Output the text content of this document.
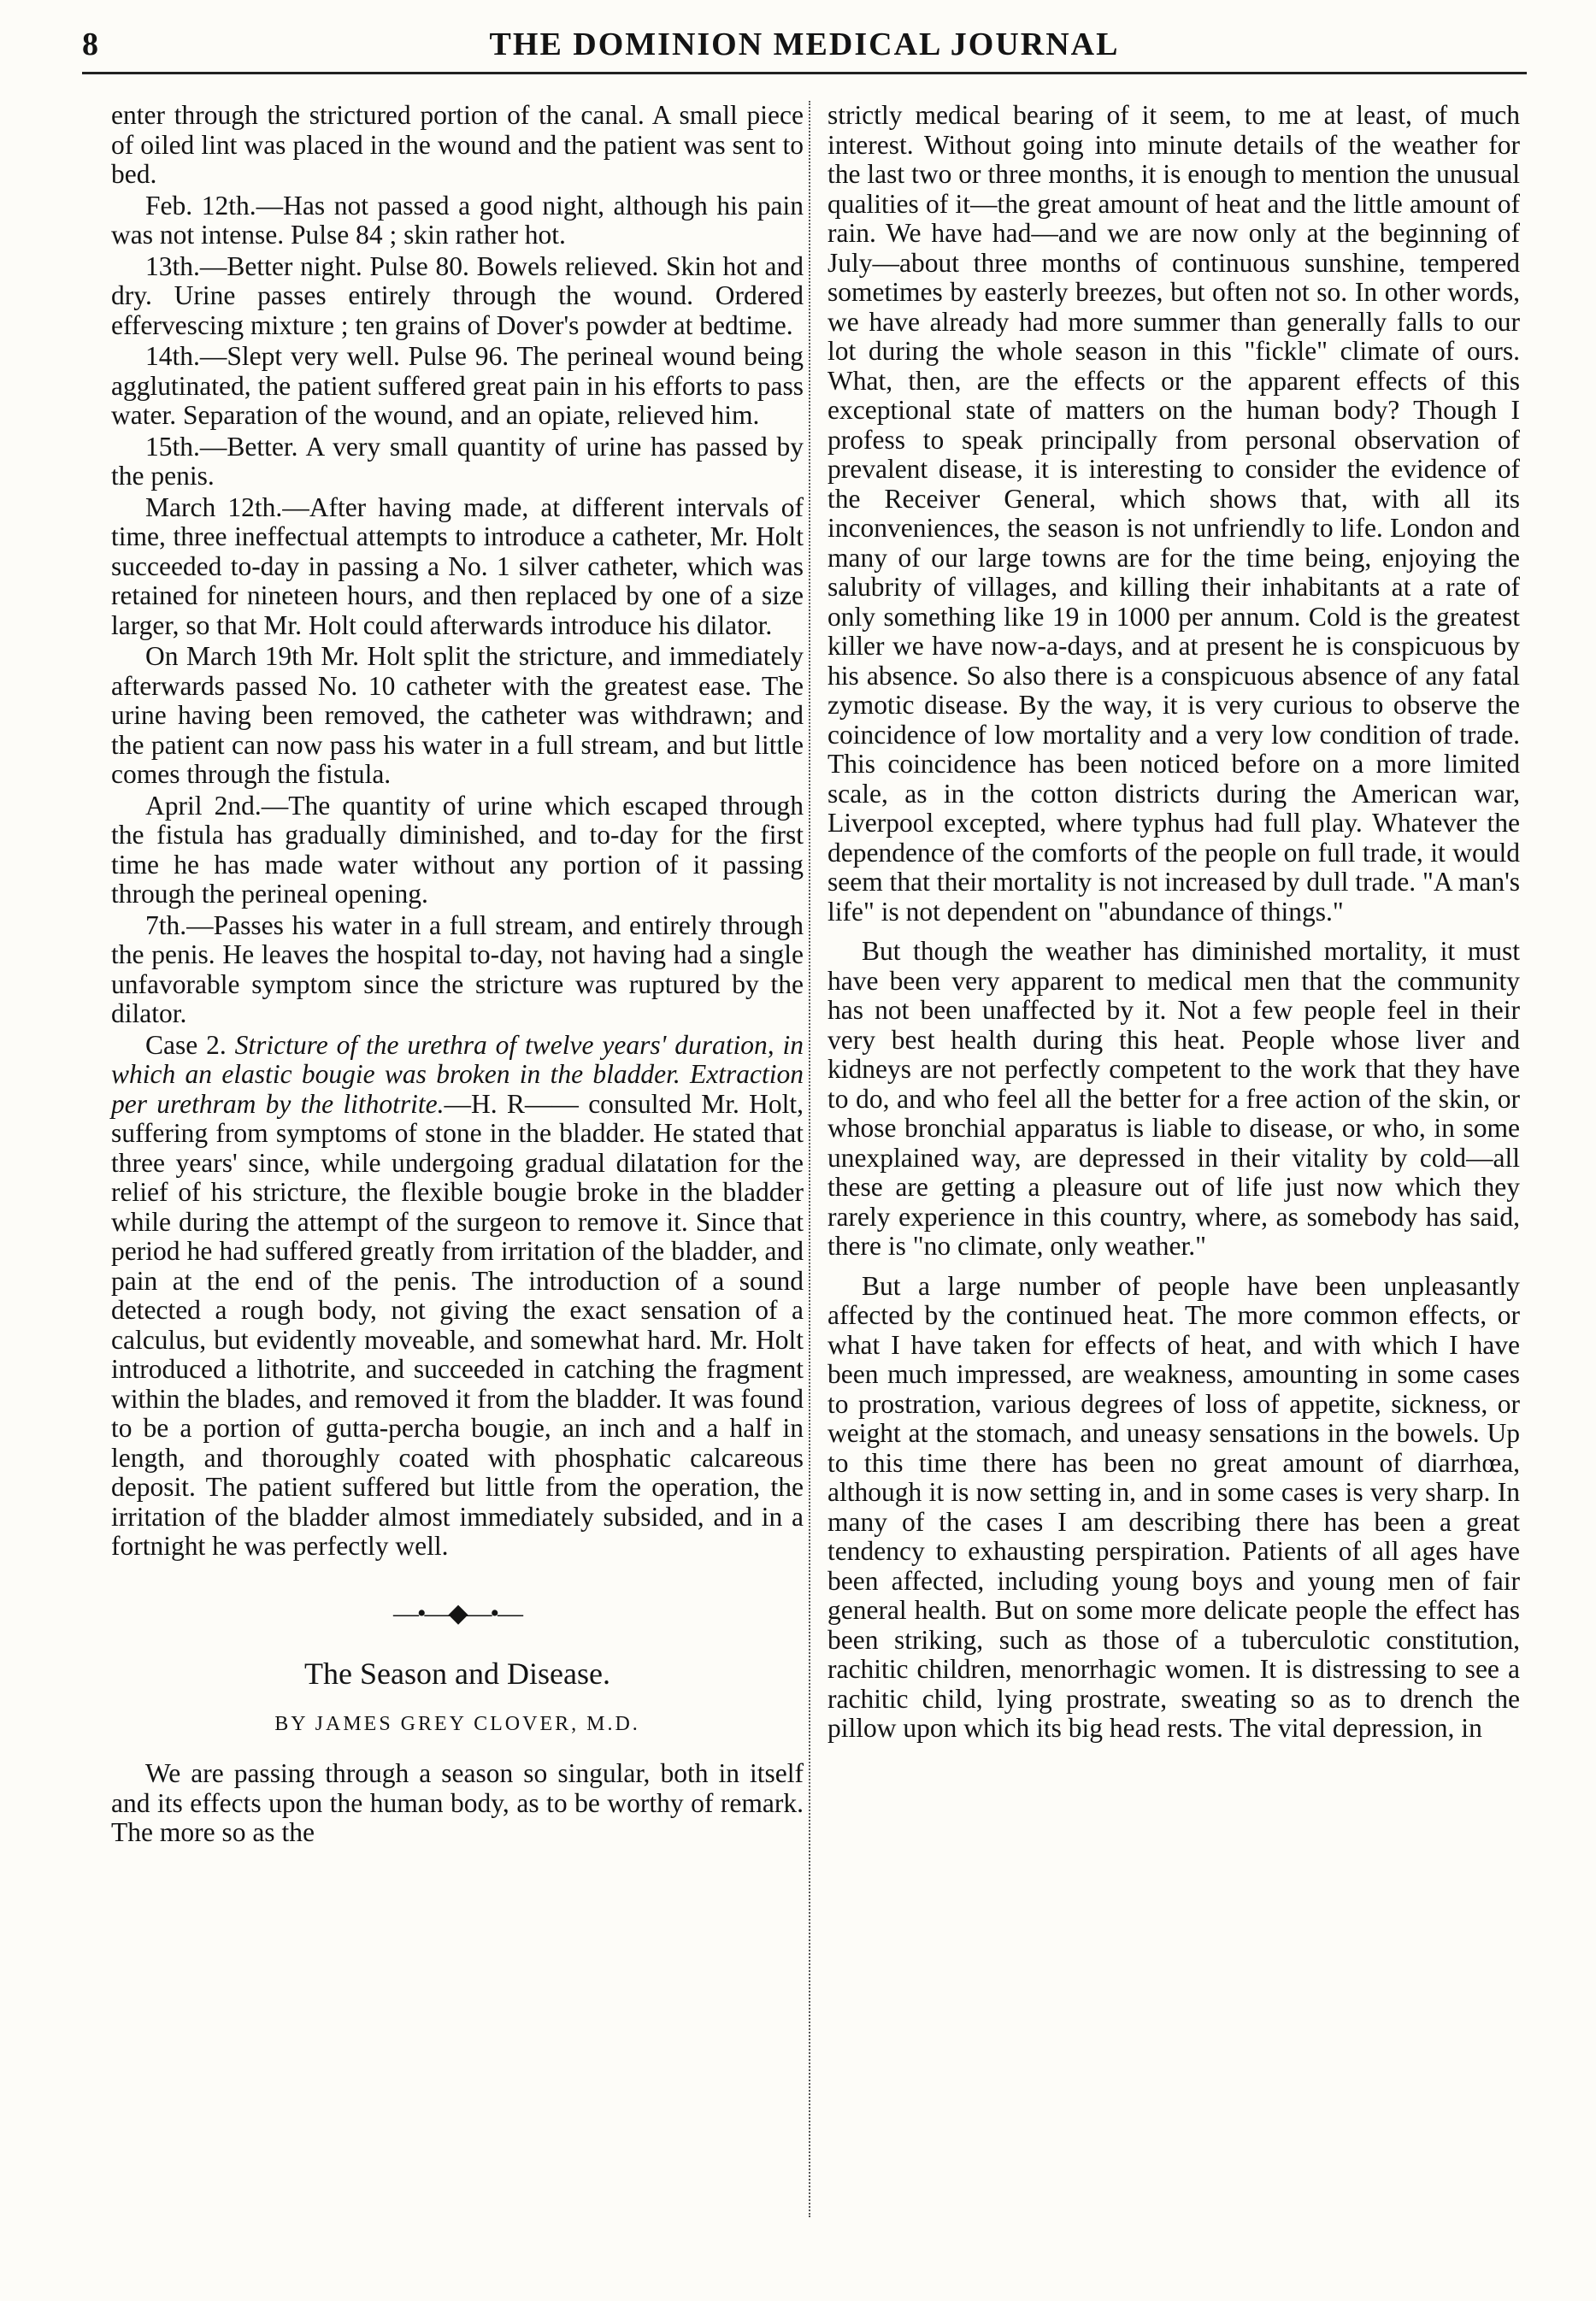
8	THE DOMINION MEDICAL JOURNAL

enter through the strictured portion of the canal. A small piece of oiled lint was placed in the wound and the patient was sent to bed.

Feb. 12th.—Has not passed a good night, although his pain was not intense. Pulse 84 ; skin rather hot.

13th.—Better night. Pulse 80. Bowels relieved. Skin hot and dry. Urine passes entirely through the wound. Ordered effervescing mixture ; ten grains of Dover's powder at bedtime.

14th.—Slept very well. Pulse 96. The perineal wound being agglutinated, the patient suffered great pain in his efforts to pass water. Separation of the wound, and an opiate, relieved him.

15th.—Better. A very small quantity of urine has passed by the penis.

March 12th.—After having made, at different intervals of time, three ineffectual attempts to introduce a catheter, Mr. Holt succeeded to-day in passing a No. 1 silver catheter, which was retained for nineteen hours, and then replaced by one of a size larger, so that Mr. Holt could afterwards introduce his dilator.

On March 19th Mr. Holt split the stricture, and immediately afterwards passed No. 10 catheter with the greatest ease. The urine having been removed, the catheter was withdrawn; and the patient can now pass his water in a full stream, and but little comes through the fistula.

April 2nd.—The quantity of urine which escaped through the fistula has gradually diminished, and to-day for the first time he has made water without any portion of it passing through the perineal opening.

7th.—Passes his water in a full stream, and entirely through the penis. He leaves the hospital to-day, not having had a single unfavorable symptom since the stricture was ruptured by the dilator.

Case 2. Stricture of the urethra of twelve years' duration, in which an elastic bougie was broken in the bladder. Extraction per urethram by the lithotrite.—H. R—— consulted Mr. Holt, suffering from symptoms of stone in the bladder. He stated that three years' since, while undergoing gradual dilatation for the relief of his stricture, the flexible bougie broke in the bladder while during the attempt of the surgeon to remove it. Since that period he had suffered greatly from irritation of the bladder, and pain at the end of the penis. The introduction of a sound detected a rough body, not giving the exact sensation of a calculus, but evidently moveable, and somewhat hard. Mr. Holt introduced a lithotrite, and succeeded in catching the fragment within the blades, and removed it from the bladder. It was found to be a portion of gutta-percha bougie, an inch and a half in length, and thoroughly coated with phosphatic calcareous deposit. The patient suffered but little from the operation, the irritation of the bladder almost immediately subsided, and in a fortnight he was perfectly well.

—•—◆—•—
The Season and Disease.
BY JAMES GREY CLOVER, M.D.

We are passing through a season so singular, both in itself and its effects upon the human body, as to be worthy of remark. The more so as the

strictly medical bearing of it seem, to me at least, of much interest. Without going into minute details of the weather for the last two or three months, it is enough to mention the unusual qualities of it—the great amount of heat and the little amount of rain. We have had—and we are now only at the beginning of July—about three months of continuous sunshine, tempered sometimes by easterly breezes, but often not so. In other words, we have already had more summer than generally falls to our lot during the whole season in this "fickle" climate of ours. What, then, are the effects or the apparent effects of this exceptional state of matters on the human body? Though I profess to speak principally from personal observation of prevalent disease, it is interesting to consider the evidence of the Receiver General, which shows that, with all its inconveniences, the season is not unfriendly to life. London and many of our large towns are for the time being, enjoying the salubrity of villages, and killing their inhabitants at a rate of only something like 19 in 1000 per annum. Cold is the greatest killer we have now-a-days, and at present he is conspicuous by his absence. So also there is a conspicuous absence of any fatal zymotic disease. By the way, it is very curious to observe the coincidence of low mortality and a very low condition of trade. This coincidence has been noticed before on a more limited scale, as in the cotton districts during the American war, Liverpool excepted, where typhus had full play. Whatever the dependence of the comforts of the people on full trade, it would seem that their mortality is not increased by dull trade. "A man's life" is not dependent on "abundance of things."

But though the weather has diminished mortality, it must have been very apparent to medical men that the community has not been unaffected by it. Not a few people feel in their very best health during this heat. People whose liver and kidneys are not perfectly competent to the work that they have to do, and who feel all the better for a free action of the skin, or whose bronchial apparatus is liable to disease, or who, in some unexplained way, are depressed in their vitality by cold—all these are getting a pleasure out of life just now which they rarely experience in this country, where, as somebody has said, there is "no climate, only weather."

But a large number of people have been unpleasantly affected by the continued heat. The more common effects, or what I have taken for effects of heat, and with which I have been much impressed, are weakness, amounting in some cases to prostration, various degrees of loss of appetite, sickness, or weight at the stomach, and uneasy sensations in the bowels. Up to this time there has been no great amount of diarrhœa, although it is now setting in, and in some cases is very sharp. In many of the cases I am describing there has been a great tendency to exhausting perspiration. Patients of all ages have been affected, including young boys and young men of fair general health. But on some more delicate people the effect has been striking, such as those of a tuberculotic constitution, rachitic children, menorrhagic women. It is distressing to see a rachitic child, lying prostrate, sweating so as to drench the pillow upon which its big head rests. The vital depression, in
